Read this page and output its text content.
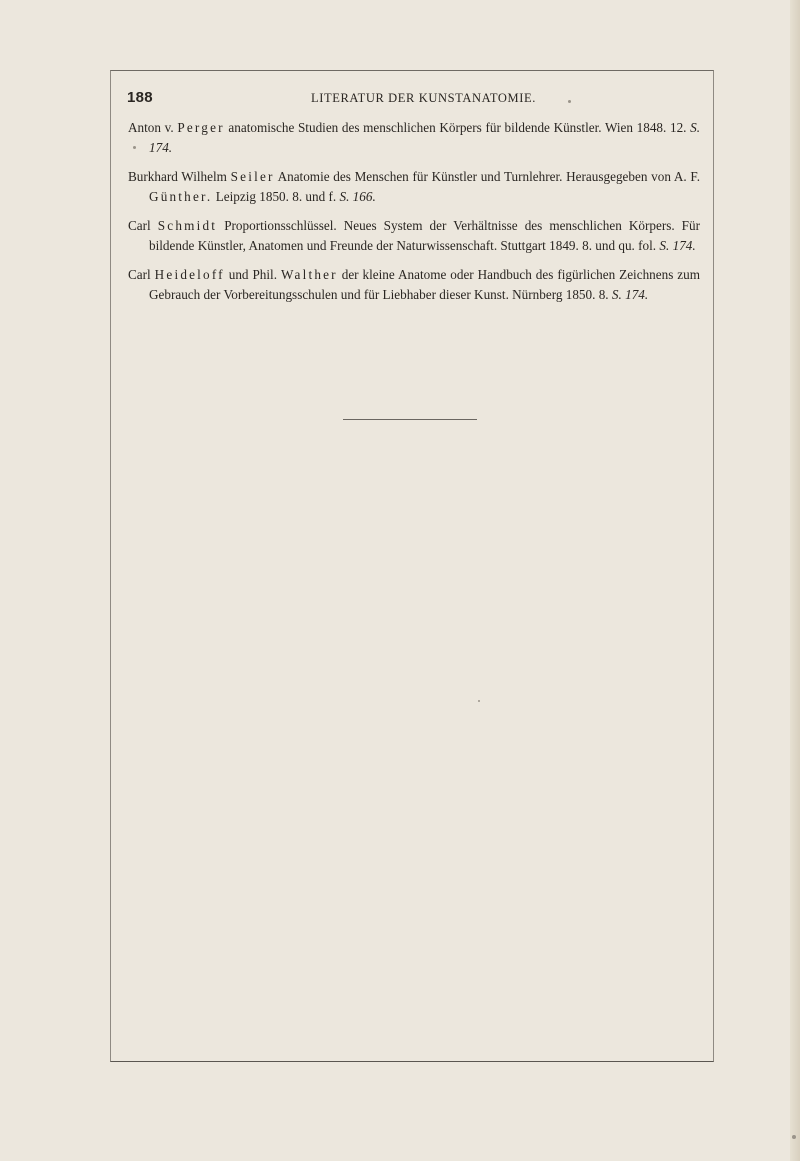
188	LITERATUR DER KUNSTANATOMIE.

Anton v. Perger anatomische Studien des menschlichen Körpers für bildende Künstler. Wien 1848. 12. S. 174.

Burkhard Wilhelm Seiler Anatomie des Menschen für Künstler und Turnlehrer. Herausgegeben von A. F. Günther. Leipzig 1850. 8. und f. S. 166.

Carl Schmidt Proportionsschlüssel. Neues System der Verhältnisse des menschlichen Körpers. Für bildende Künstler, Anatomen und Freunde der Naturwissenschaft. Stuttgart 1849. 8. und qu. fol. S. 174.

Carl Heideloff und Phil. Walther der kleine Anatome oder Handbuch des figürlichen Zeichnens zum Gebrauch der Vorbereitungsschulen und für Liebhaber dieser Kunst. Nürnberg 1850. 8. S. 174.
